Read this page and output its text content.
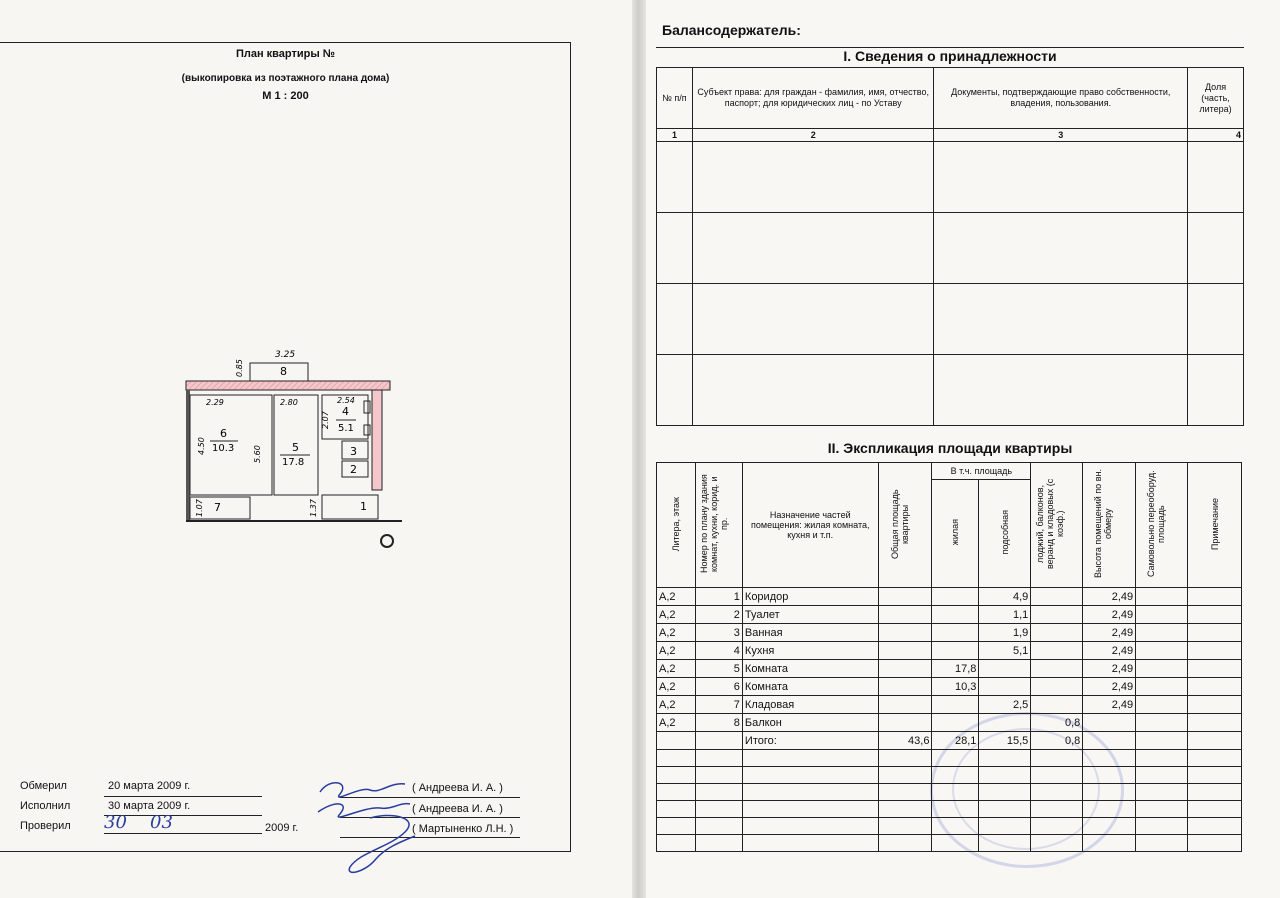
План квартиры №
(выкопировка из поэтажного плана дома)
М 1 : 200
3.25
0.85
2.29	2.80	2.54
2.07
4.50	5.60
1.07	1.37
8
6
10.3	5
17.8
4
5.1
3
2
1
7
Обмерил	20 марта 2009 г.	( Андреева И. А. )
Исполнил	30 марта 2009 г.	( Андреева И. А. )
Проверил 30 03	2009 г.	( Мартыненко Л.Н. )
Балансодержатель:
I. Сведения о принадлежности
№ п/п	Субъект права: для граждан - фамилия, имя, отчество, паспорт; для юридических лиц - по Уставу	Документы, подтверждающие право собственности, владения, пользования.	Доля (часть, литера)
1	2	3	4

II. Экспликация площади квартиры
Литера, этаж	Номер по плану здания комнат, кухни, корид. и пр.	Назначение частей помещения: жилая комната, кухня и т.п.	Общая площадь квартиры	В т.ч. площадь		лоджий, балконов, веранд и кладовых (с коэф.)	Высота помещений по вн. обмеру	Самовольно переоборуд. площадь	Примечание
				жилая	подсобная				
А,2	1	Коридор			4,9		2,49		
А,2	2	Туалет			1,1		2,49		
А,2	3	Ванная			1,9		2,49		
А,2	4	Кухня			5,1		2,49		
А,2	5	Комната		17,8			2,49		
А,2	6	Комната		10,3			2,49		
А,2	7	Кладовая			2,5		2,49		
А,2	8	Балкон				0,8			
		Итого:	43,6	28,1	15,5	0,8			
